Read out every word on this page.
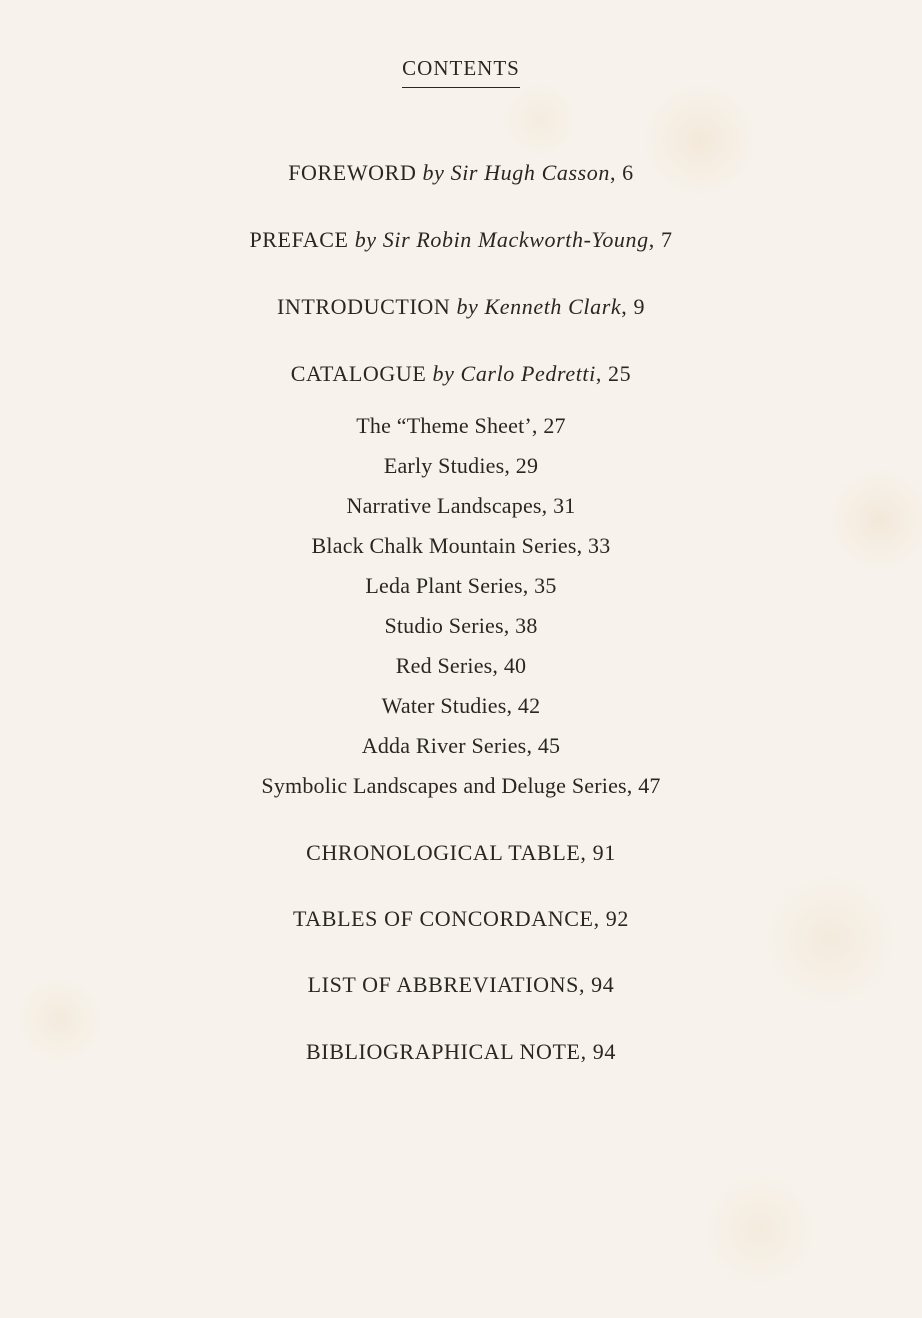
CONTENTS
FOREWORD by Sir Hugh Casson, 6
PREFACE by Sir Robin Mackworth-Young, 7
INTRODUCTION by Kenneth Clark, 9
CATALOGUE by Carlo Pedretti, 25
The “Theme Sheet’, 27
Early Studies, 29
Narrative Landscapes, 31
Black Chalk Mountain Series, 33
Leda Plant Series, 35
Studio Series, 38
Red Series, 40
Water Studies, 42
Adda River Series, 45
Symbolic Landscapes and Deluge Series, 47
CHRONOLOGICAL TABLE, 91
TABLES OF CONCORDANCE, 92
LIST OF ABBREVIATIONS, 94
BIBLIOGRAPHICAL NOTE, 94
